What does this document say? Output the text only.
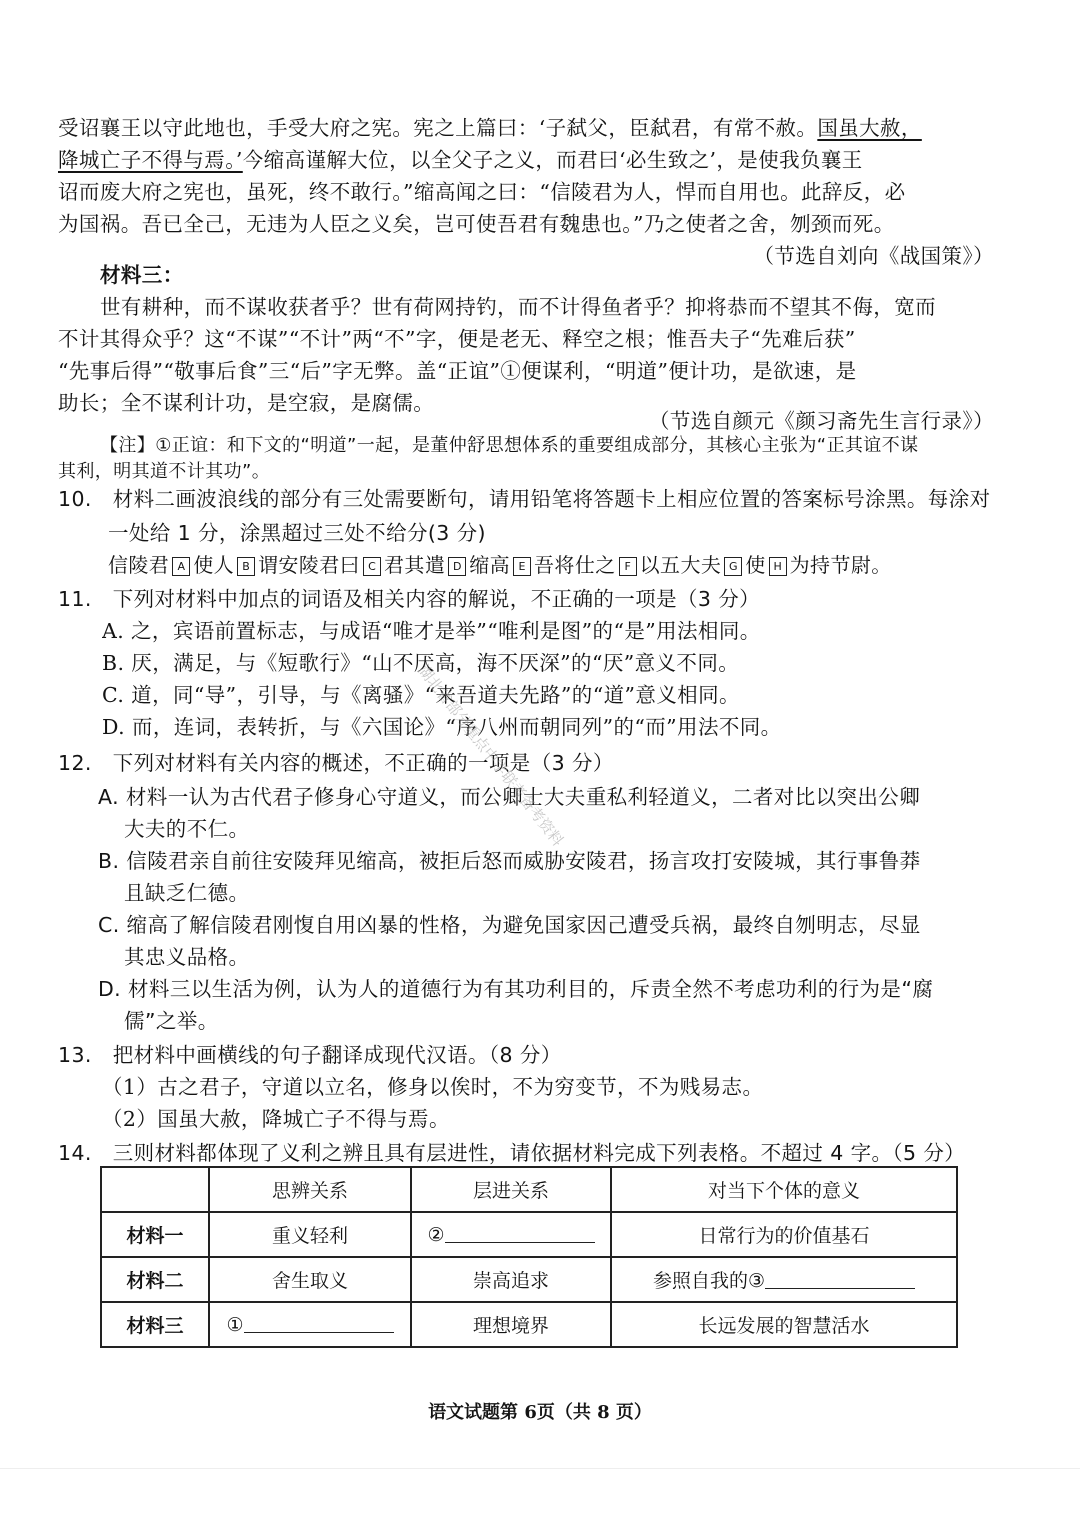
受诏襄王以守此地也，手受大府之宪。宪之上篇曰：‘子弑父，臣弑君，有常不赦。国虽大赦，
降城亡子不得与焉。’今缩高谨解大位，以全父子之义，而君曰‘必生致之’，是使我负襄王
诏而废大府之宪也，虽死，终不敢行。”缩高闻之曰：“信陵君为人，悍而自用也。此辞反，必
为国祸。吾已全己，无违为人臣之义矣，岂可使吾君有魏患也。”乃之使者之舍，刎颈而死。
（节选自刘向《战国策》）
材料三：
世有耕种，而不谋收获者乎？世有荷网持钓，而不计得鱼者乎？抑将恭而不望其不侮，宽而
不计其得众乎？这“不谋”“不计”两“不”字，便是老无、释空之根；惟吾夫子“先难后获”
“先事后得”“敬事后食”三“后”字无弊。盖“正谊”①便谋利，“明道”便计功，是欲速，是
助长；全不谋利计功，是空寂，是腐儒。
（节选自颜元《颜习斋先生言行录》）
【注】①正谊：和下文的“明道”一起，是董仲舒思想体系的重要组成部分，其核心主张为“正其谊不谋
其利，明其道不计其功”。
10.　材料二画波浪线的部分有三处需要断句，请用铅笔将答题卡上相应位置的答案标号涂黑。每涂对
一处给 1 分，涂黑超过三处不给分(3 分)
信陵君 A 使人 B 谓安陵君曰 C 君其遣 D 缩高 E 吾将仕之 F 以五大夫 G 使 H 为持节尉。
11.　下列对材料中加点的词语及相关内容的解说，不正确的一项是（3 分）
A. 之，宾语前置标志，与成语“唯才是举”“唯利是图”的“是”用法相同。
B. 厌，满足，与《短歌行》“山不厌高，海不厌深”的“厌”意义不同。
C. 道，同“导”，引导，与《离骚》“来吾道夫先路”的“道”意义相同。
D. 而，连词，表转折，与《六国论》“序八州而朝同列”的“而”用法不同。
12.　下列对材料有关内容的概述，不正确的一项是（3 分）
A. 材料一认为古代君子修身心守道义，而公卿士大夫重私利轻道义，二者对比以突出公卿
大夫的不仁。
B. 信陵君亲自前往安陵拜见缩高，被拒后怒而威胁安陵君，扬言攻打安陵城，其行事鲁莽
且缺乏仁德。
C. 缩高了解信陵君刚愎自用凶暴的性格，为避免国家因己遭受兵祸，最终自刎明志，尽显
其忠义品格。
D. 材料三以生活为例，认为人的道德行为有其功利目的，斥责全然不考虑功利的行为是“腐
儒”之举。
13.　把材料中画横线的句子翻译成现代汉语。（8 分）
（1）古之君子，守道以立名，修身以俟时，不为穷变节，不为贱易志。
（2）国虽大赦，降城亡子不得与焉。
14.　三则材料都体现了义利之辨且具有层进性，请依据材料完成下列表格。不超过 4 字。（5 分）
	思辨关系	层进关系	对当下个体的意义
材料一	重义轻利	②	日常行为的价值基石
材料二	舍生取义	崇高追求	参照自我的③
材料三	①	理想境界	长远发展的智慧活水
湖北省部分重点中学联考备考资料
语文试题第 6页（共 8 页）
